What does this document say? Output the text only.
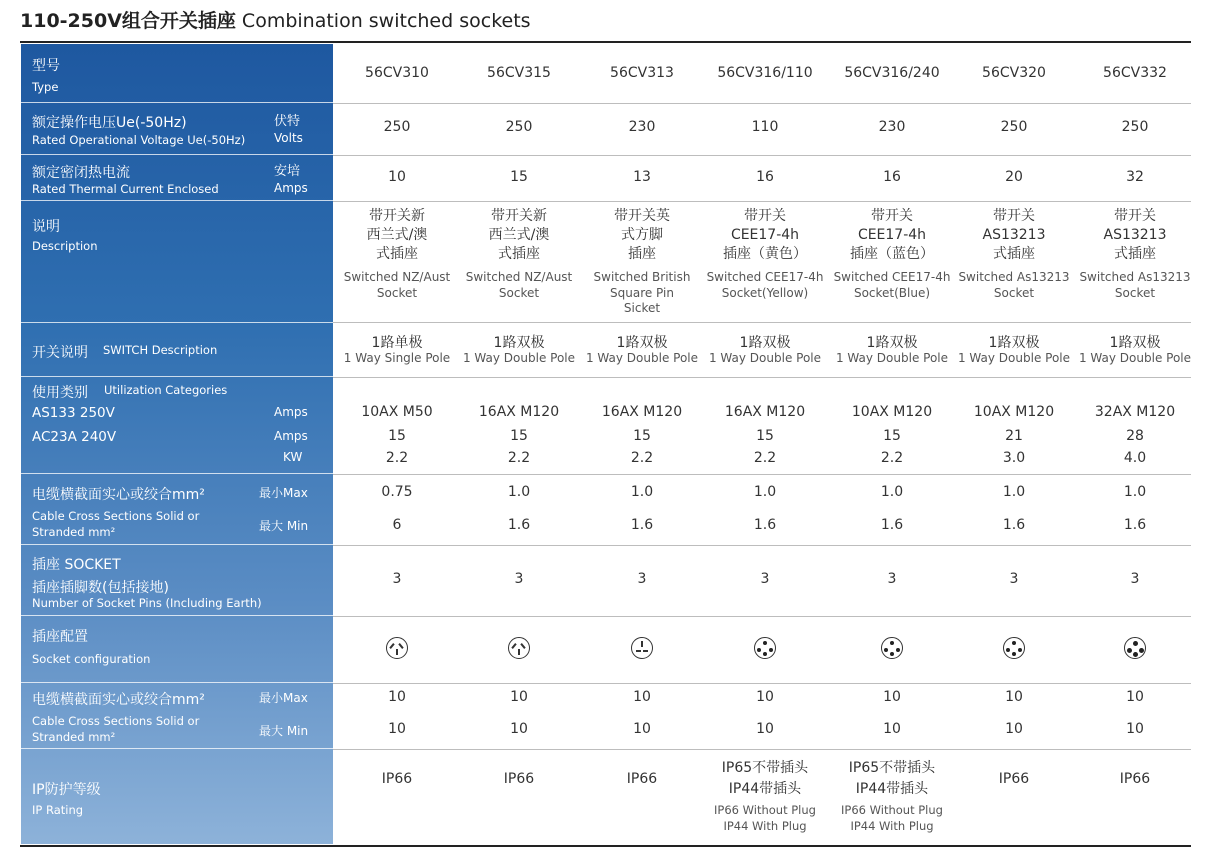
110-250V组合开关插座 Combination switched sockets
型号
Type
额定操作电压Ue(-50Hz)
Rated Operational Voltage Ue(-50Hz)
伏特
Volts
额定密闭热电流
Rated Thermal Current Enclosed
安培
Amps
说明
Description
开关说明 SWITCH Description
使用类别 Utilization Categories
AS133 250V
AC23A 240V
Amps
Amps
KW
电缆横截面实心或绞合mm²
Cable Cross Sections Solid or
Stranded mm²
最小Max
最大 Min
插座 SOCKET
插座插脚数(包括接地)
Number of Socket Pins (Including Earth)
插座配置
Socket configuration
电缆横截面实心或绞合mm²
Cable Cross Sections Solid or
Stranded mm²
最小Max
最大 Min
IP防护等级
IP Rating
56CV310
250
10
带开关新
西兰式/澳
式插座
Switched NZ/Aust
Socket
1路单极
1 Way Single Pole
10AX M50
15
2.2
0.75
6
3
10
10
IP66
56CV315
250
15
带开关新
西兰式/澳
式插座
Switched NZ/Aust
Socket
1路双极
1 Way Double Pole
16AX M120
15
2.2
1.0
1.6
3
10
10
IP66
56CV313
230
13
带开关英
式方脚
插座
Switched British
Square Pin
Sicket
1路双极
1 Way Double Pole
16AX M120
15
2.2
1.0
1.6
3
10
10
IP66
56CV316/110
110
16
带开关
CEE17-4h
插座（黄色）
Switched CEE17-4h
Socket(Yellow)
1路双极
1 Way Double Pole
16AX M120
15
2.2
1.0
1.6
3
10
10
IP65不带插头
IP44带插头
IP66 Without Plug
IP44 With Plug
56CV316/240
230
16
带开关
CEE17-4h
插座（蓝色）
Switched CEE17-4h
Socket(Blue)
1路双极
1 Way Double Pole
10AX M120
15
2.2
1.0
1.6
3
10
10
IP65不带插头
IP44带插头
IP66 Without Plug
IP44 With Plug
56CV320
250
20
带开关
AS13213
式插座
Switched As13213
Socket
1路双极
1 Way Double Pole
10AX M120
21
3.0
1.0
1.6
3
10
10
IP66
56CV332
250
32
带开关
AS13213
式插座
Switched As13213
Socket
1路双极
1 Way Double Pole
32AX M120
28
4.0
1.0
1.6
3
10
10
IP66
